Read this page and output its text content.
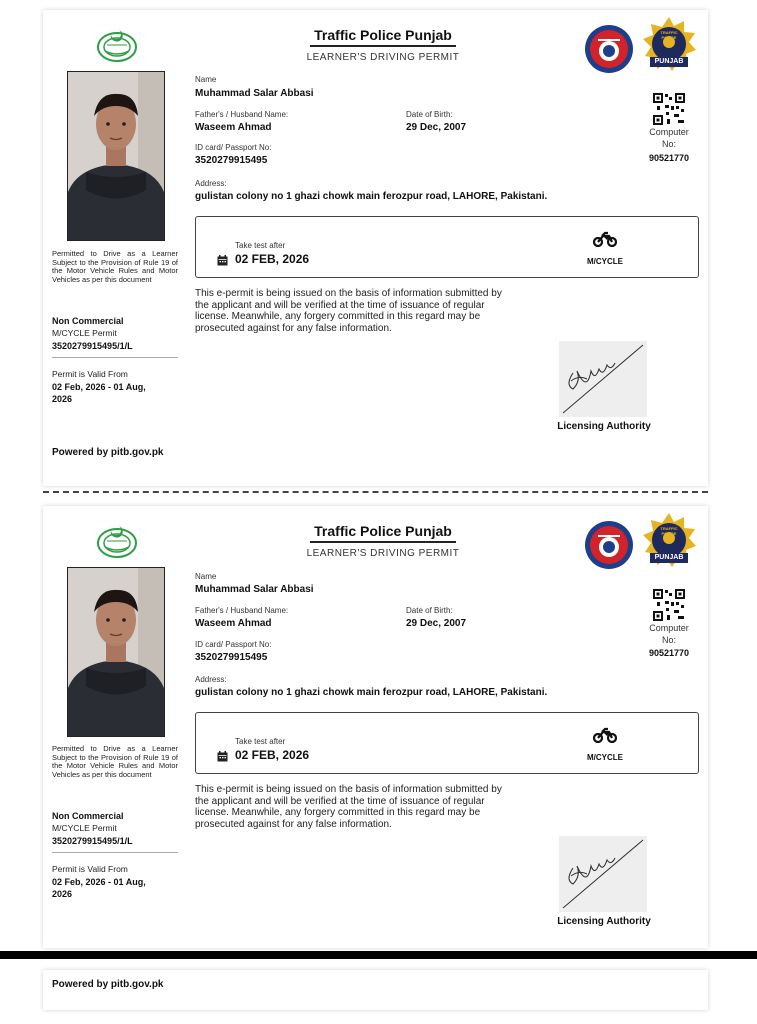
Traffic Police Punjab
LEARNER'S DRIVING PERMIT
TRAFFIC POLICE
PUNJAB
Name
Muhammad Salar Abbasi
Father's / Husband Name:
Waseem Ahmad
Date of Birth:
29 Dec, 2007
ID card/ Passport No:
3520279915495
Computer
No:
90521770
Address:
gulistan colony no 1 ghazi chowk main ferozpur road, LAHORE, Pakistani.
Permitted to Drive as a Learner Subject to the Provision of Rule 19 of the Motor Vehicle Rules and Motor Vehicles as per this document
Non Commercial
M/CYCLE Permit
3520279915495/1/L
Permit is Valid From
02 Feb, 2026 - 01 Aug, 2026
Take test after
02 FEB, 2026	M/CYCLE
This e-permit is being issued on the basis of information submitted by the applicant and will be verified at the time of issuance of regular license. Meanwhile, any forgery committed in this regard may be prosecuted against for any false information.
Licensing Authority
Powered by pitb.gov.pk
Traffic Police Punjab
LEARNER'S DRIVING PERMIT
TRAFFIC POLICE
PUNJAB
Name
Muhammad Salar Abbasi
Father's / Husband Name:
Waseem Ahmad
Date of Birth:
29 Dec, 2007
ID card/ Passport No:
3520279915495
Computer
No:
90521770
Address:
gulistan colony no 1 ghazi chowk main ferozpur road, LAHORE, Pakistani.
Permitted to Drive as a Learner Subject to the Provision of Rule 19 of the Motor Vehicle Rules and Motor Vehicles as per this document
Non Commercial
M/CYCLE Permit
3520279915495/1/L
Permit is Valid From
02 Feb, 2026 - 01 Aug, 2026
Take test after
02 FEB, 2026	M/CYCLE
This e-permit is being issued on the basis of information submitted by the applicant and will be verified at the time of issuance of regular license. Meanwhile, any forgery committed in this regard may be prosecuted against for any false information.
Licensing Authority
Powered by pitb.gov.pk
